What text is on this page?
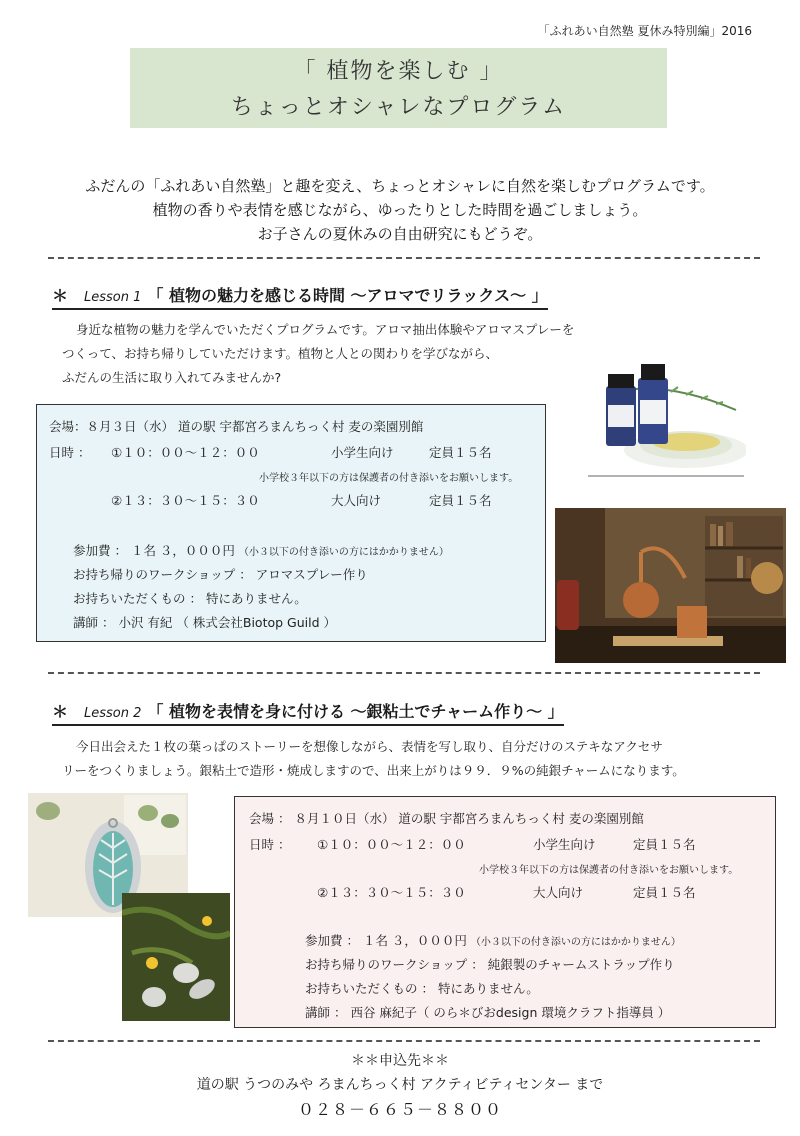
「ふれあい自然塾 夏休み特別編」2016
「 植物を楽しむ 」
ちょっとオシャレなプログラム
ふだんの「ふれあい自然塾」と趣を変え、ちょっとオシャレに自然を楽しむプログラムです。
植物の香りや表情を感じながら、ゆったりとした時間を過ごしましょう。
お子さんの夏休みの自由研究にもどうぞ。
＊ Lesson 1 「 植物の魅力を感じる時間 ～アロマでリラックス～ 」
身近な植物の魅力を学んでいただくプログラムです。アロマ抽出体験やアロマスプレーを
つくって、お持ち帰りしていただけます。植物と人との関わりを学びながら、
ふだんの生活に取り入れてみませんか?
会場：８月３日（水） 道の駅 宇都宮ろまんちっく村 麦の楽園別館
日時 ： ①１０：００～１２：００	小学生向け	定員１５名
小学校３年以下の方は保護者の付き添いをお願いします。
②１３：３０～１５：３０	大人向け	定員１５名
参加費 ： １名 ３，０００円 （小３以下の付き添いの方にはかかりません）
お持ち帰りのワークショップ ： アロマスプレー作り
お持ちいただくもの ： 特にありません。
講師 ： 小沢 有紀 （ 株式会社Biotop Guild ）
＊ Lesson 2 「 植物を表情を身に付ける ～銀粘土でチャーム作り～ 」
今日出会えた１枚の葉っぱのストーリーを想像しながら、表情を写し取り、自分だけのステキなアクセサ
リーをつくりましょう。銀粘土で造形・焼成しますので、出来上がりは９９．９%の純銀チャームになります。
会場 ： ８月１０日（水） 道の駅 宇都宮ろまんちっく村 麦の楽園別館
日時 ： ①１０：００～１２：００	小学生向け	定員１５名
小学校３年以下の方は保護者の付き添いをお願いします。
②１３：３０～１５：３０	大人向け	定員１５名
参加費 ： １名 ３，０００円 （小３以下の付き添いの方にはかかりません）
お持ち帰りのワークショップ ： 純銀製のチャームストラップ作り
お持ちいただくもの ： 特にありません。
講師 ： 西谷 麻紀子（ のら＊びおdesign 環境クラフト指導員 ）
＊＊申込先＊＊
道の駅 うつのみや ろまんちっく村 アクティビティセンター まで
０２８－６６５－８８００
